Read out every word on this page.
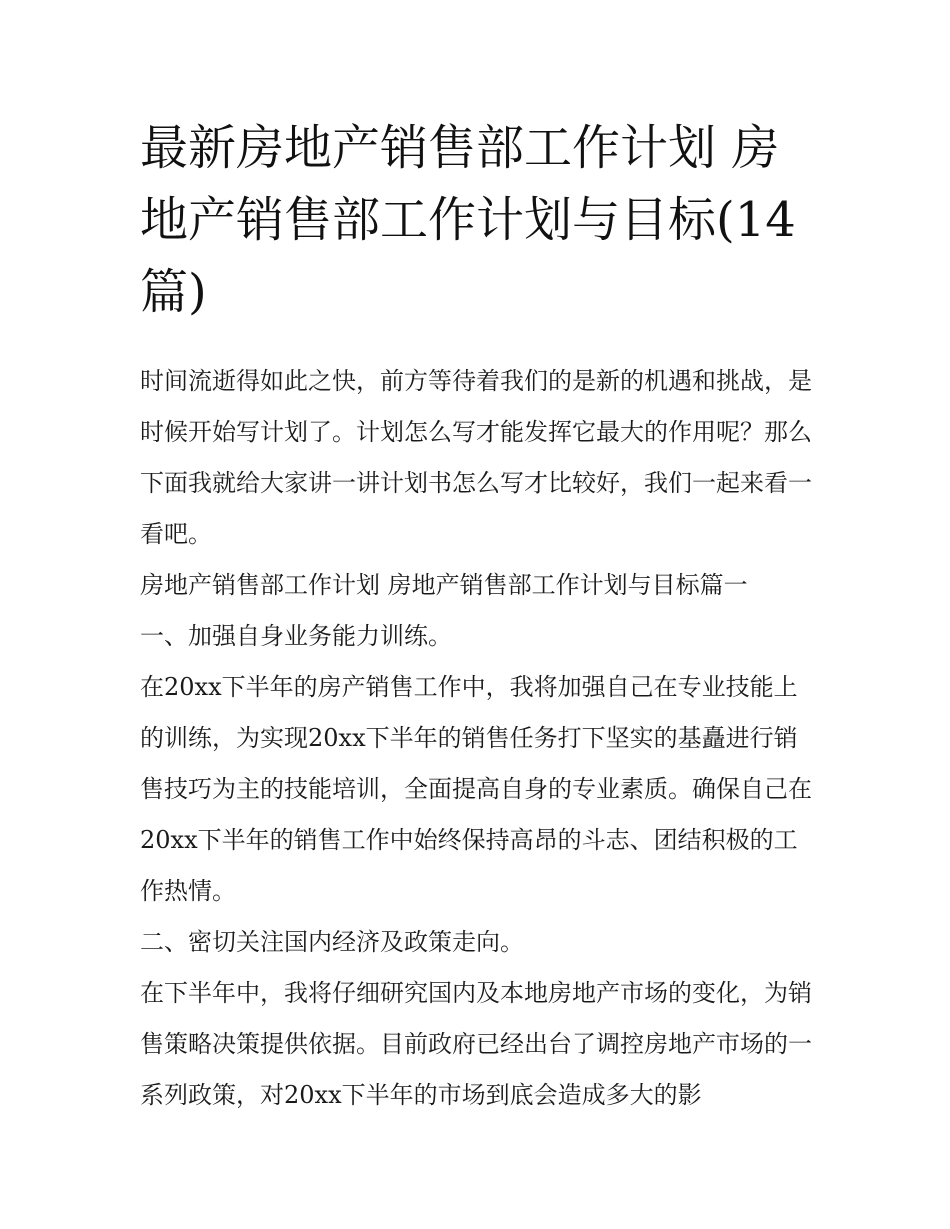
最新房地产销售部工作计划 房地产销售部工作计划与目标(14篇)

时间流逝得如此之快，前方等待着我们的是新的机遇和挑战，是时候开始写计划了。计划怎么写才能发挥它最大的作用呢？那么下面我就给大家讲一讲计划书怎么写才比较好，我们一起来看一看吧。

房地产销售部工作计划 房地产销售部工作计划与目标篇一

一、加强自身业务能力训练。

在20xx下半年的房产销售工作中，我将加强自己在专业技能上的训练，为实现20xx下半年的销售任务打下坚实的基矗进行销售技巧为主的技能培训，全面提高自身的专业素质。确保自己在20xx下半年的销售工作中始终保持高昂的斗志、团结积极的工作热情。

二、密切关注国内经济及政策走向。

在下半年中，我将仔细研究国内及本地房地产市场的变化，为销售策略决策提供依据。目前政府已经出台了调控房地产市场的一系列政策，对20xx下半年的市场到底会造成多大的影
